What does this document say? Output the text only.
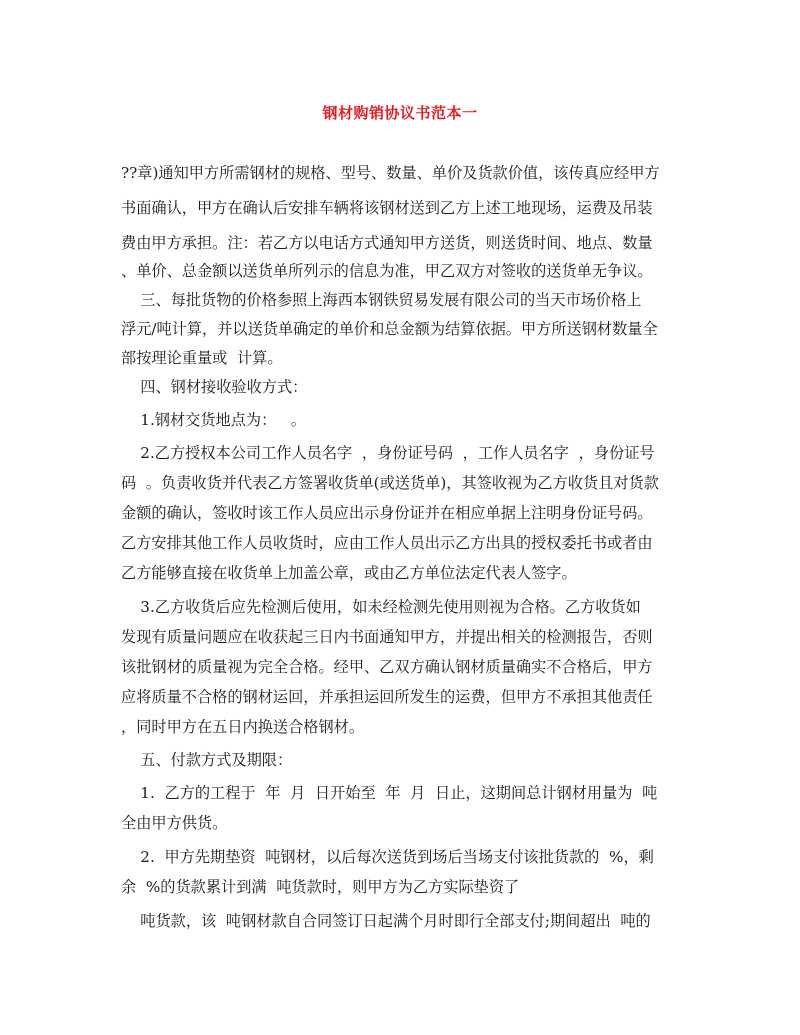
钢材购销协议书范本一
??章)通知甲方所需钢材的规格、型号、数量、单价及货款价值，该传真应经甲方
书面确认，甲方在确认后安排车辆将该钢材送到乙方上述工地现场，运费及吊装
费由甲方承担。注：若乙方以电话方式通知甲方送货，则送货时间、地点、数量
、单价、总金额以送货单所列示的信息为准，甲乙双方对签收的送货单无争议。
三、每批货物的价格参照上海西本钢铁贸易发展有限公司的当天市场价格上
浮元/吨计算，并以送货单确定的单价和总金额为结算依据。甲方所送钢材数量全
部按理论重量或  计算。
四、钢材接收验收方式：
1.钢材交货地点为：   。
2.乙方授权本公司工作人员名字  ，身份证号码  ，工作人员名字  ，身份证号
码  。负责收货并代表乙方签署收货单(或送货单)，其签收视为乙方收货且对货款
金额的确认，签收时该工作人员应出示身份证并在相应单据上注明身份证号码。
乙方安排其他工作人员收货时，应由工作人员出示乙方出具的授权委托书或者由
乙方能够直接在收货单上加盖公章，或由乙方单位法定代表人签字。
3.乙方收货后应先检测后使用，如未经检测先使用则视为合格。乙方收货如
发现有质量问题应在收获起三日内书面通知甲方，并提出相关的检测报告，否则
该批钢材的质量视为完全合格。经甲、乙双方确认钢材质量确实不合格后，甲方
应将质量不合格的钢材运回，并承担运回所发生的运费，但甲方不承担其他责任
，同时甲方在五日内换送合格钢材。
五、付款方式及期限：
1.  乙方的工程于  年  月  日开始至  年  月  日止，这期间总计钢材用量为  吨
全由甲方供货。
2.  甲方先期垫资  吨钢材，以后每次送货到场后当场支付该批货款的  %，剩
余  %的货款累计到满  吨货款时，则甲方为乙方实际垫资了
吨货款，该  吨钢材款自合同签订日起满个月时即行全部支付;期间超出  吨的
